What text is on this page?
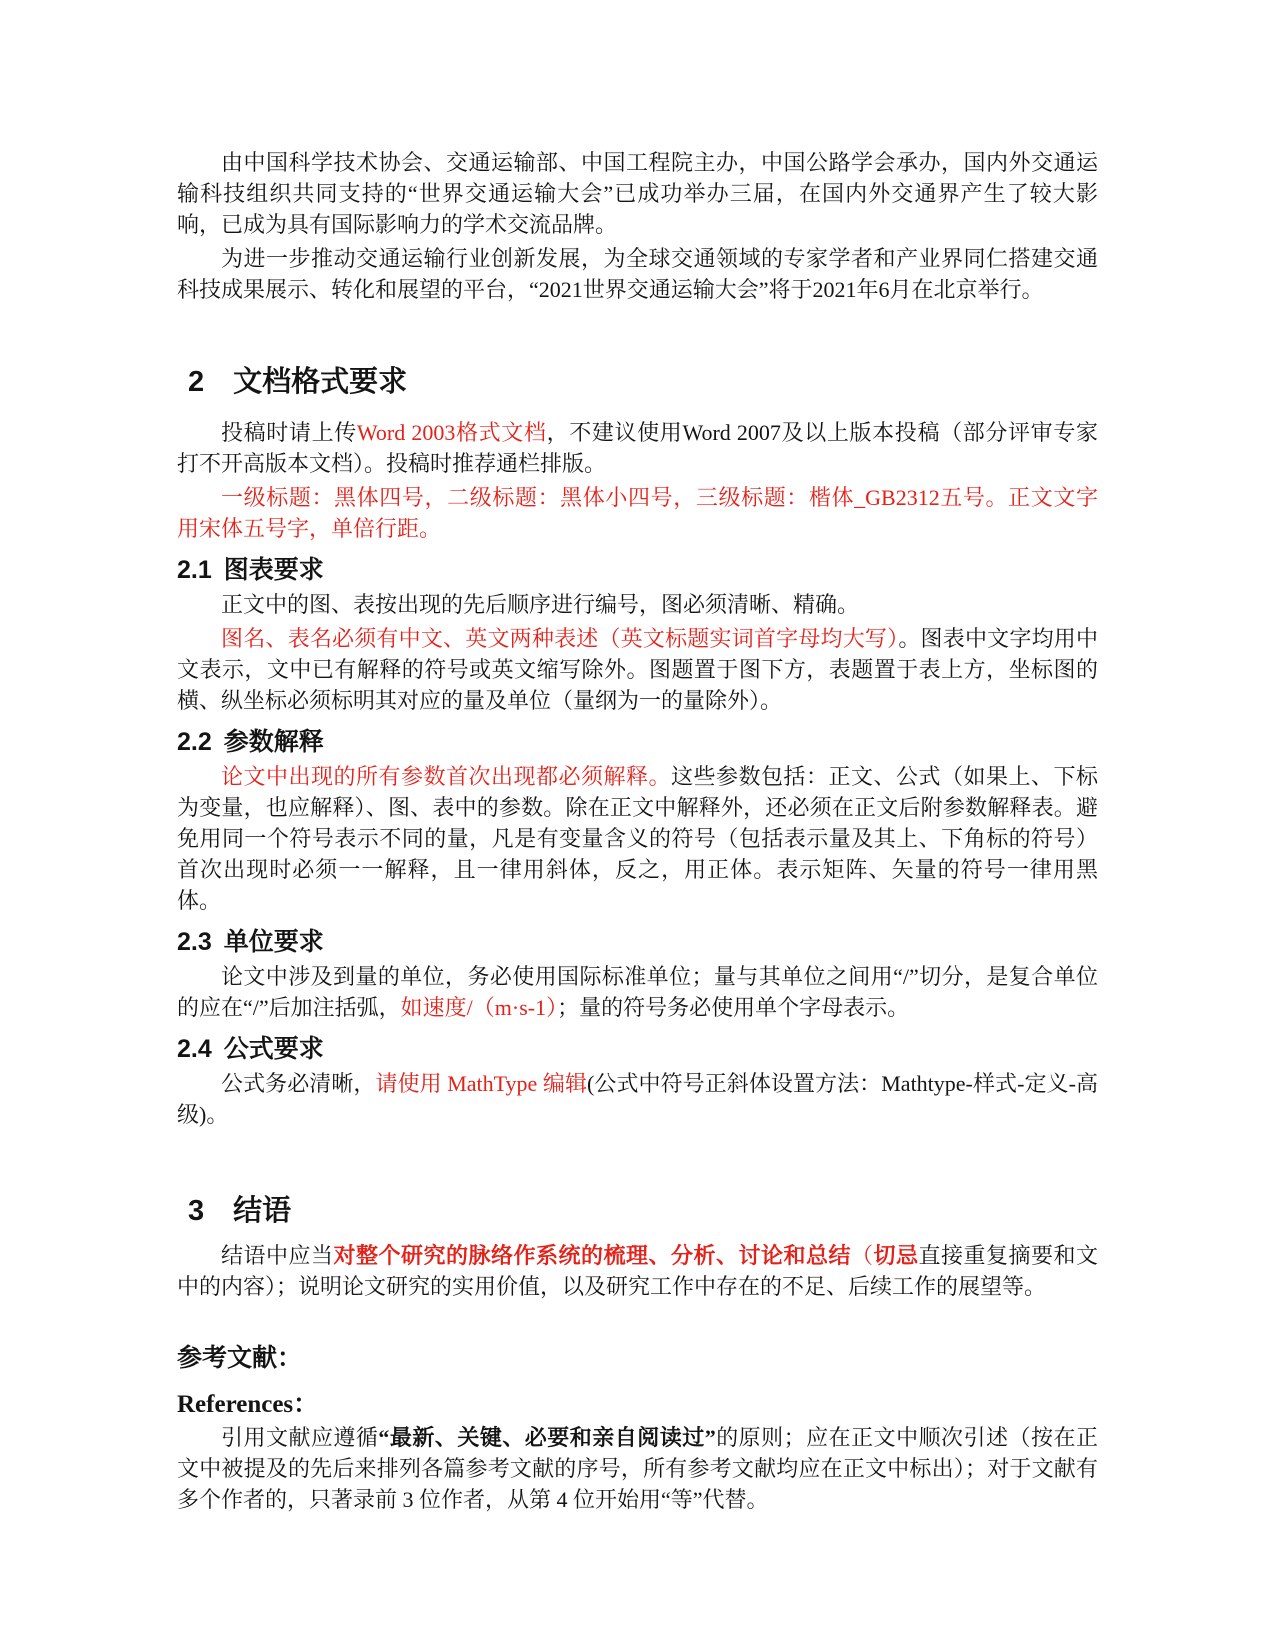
由中国科学技术协会、交通运输部、中国工程院主办，中国公路学会承办，国内外交通运输科技组织共同支持的“世界交通运输大会”已成功举办三届，在国内外交通界产生了较大影响，已成为具有国际影响力的学术交流品牌。

为进一步推动交通运输行业创新发展，为全球交通领域的专家学者和产业界同仁搭建交通科技成果展示、转化和展望的平台，“2021世界交通运输大会”将于2021年6月在北京举行。

2 文档格式要求

投稿时请上传Word 2003格式文档，不建议使用Word 2007及以上版本投稿（部分评审专家打不开高版本文档）。投稿时推荐通栏排版。

一级标题：黑体四号，二级标题：黑体小四号，三级标题：楷体_GB2312五号。正文文字用宋体五号字，单倍行距。

2.1 图表要求

正文中的图、表按出现的先后顺序进行编号，图必须清晰、精确。

图名、表名必须有中文、英文两种表述（英文标题实词首字母均大写）。图表中文字均用中文表示，文中已有解释的符号或英文缩写除外。图题置于图下方，表题置于表上方，坐标图的横、纵坐标必须标明其对应的量及单位（量纲为一的量除外）。

2.2 参数解释

论文中出现的所有参数首次出现都必须解释。这些参数包括：正文、公式（如果上、下标为变量，也应解释）、图、表中的参数。除在正文中解释外，还必须在正文后附参数解释表。避免用同一个符号表示不同的量，凡是有变量含义的符号（包括表示量及其上、下角标的符号）首次出现时必须一一解释，且一律用斜体，反之，用正体。表示矩阵、矢量的符号一律用黑体。

2.3 单位要求

论文中涉及到量的单位，务必使用国际标准单位；量与其单位之间用“/”切分，是复合单位的应在“/”后加注括弧，如速度/（m·s-1）；量的符号务必使用单个字母表示。

2.4 公式要求

公式务必清晰，请使用 MathType 编辑(公式中符号正斜体设置方法：Mathtype-样式-定义-高级)。

3 结语

结语中应当对整个研究的脉络作系统的梳理、分析、讨论和总结（切忌直接重复摘要和文中的内容）；说明论文研究的实用价值，以及研究工作中存在的不足、后续工作的展望等。

参考文献：
References：

引用文献应遵循“最新、关键、必要和亲自阅读过”的原则；应在正文中顺次引述（按在正文中被提及的先后来排列各篇参考文献的序号，所有参考文献均应在正文中标出）；对于文献有多个作者的，只著录前 3 位作者，从第 4 位开始用“等”代替。
